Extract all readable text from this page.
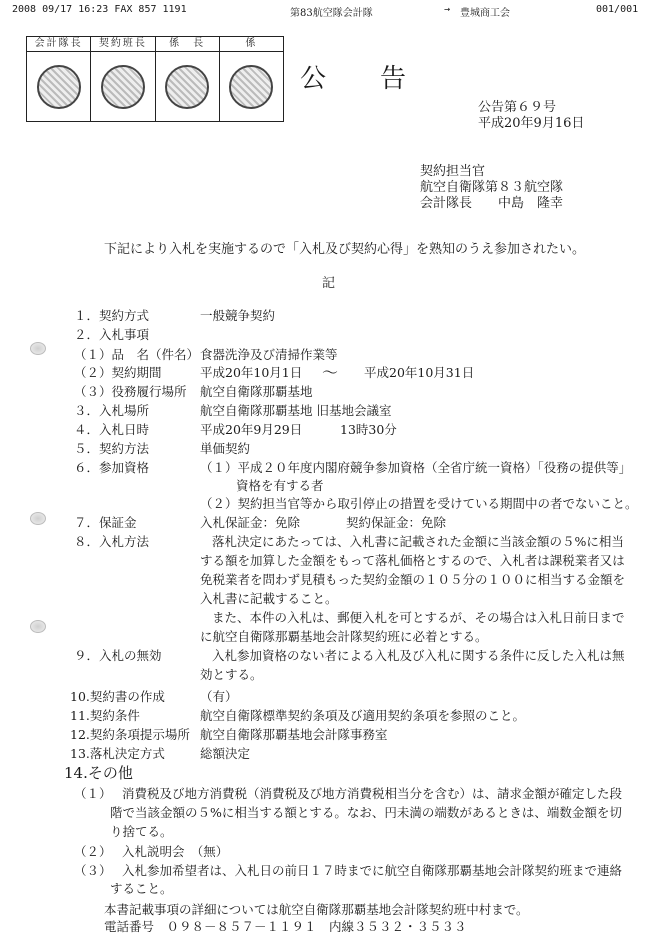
2008 09/17 16:23 FAX 857 1191	第83航空隊会計隊	→ 豊城商工会	001/001
会計隊長	契約班長	係　長	係
公　告
公告第６９号
平成20年9月16日
契約担当官
航空自衛隊第８３航空隊
会計隊長　　中島　隆幸
下記により入札を実施するので「入札及び契約心得」を熟知のうえ参加されたい。
記
１．契約方式	一般競争契約
２．入札事項
（１）品　名（件名） 食器洗浄及び清掃作業等
（２）契約期間	平成20年10月1日 ～ 平成20年10月31日
（３）役務履行場所 航空自衛隊那覇基地
３．入札場所	航空自衛隊那覇基地 旧基地会議室
４．入札日時	平成20年9月29日	13時30分
５．契約方法	単価契約
６．参加資格	（１）平成２０年度内閣府競争参加資格（全省庁統一資格）「役務の提供等」
資格を有する者
（２）契約担当官等から取引停止の措置を受けている期間中の者でないこと。
７．保証金	入札保証金：免除	契約保証金：免除
８．入札方法	落札決定にあたっては、入札書に記載された金額に当該金額の５%に相当
する額を加算した金額をもって落札価格とするので、入札者は課税業者又は
免税業者を問わず見積もった契約金額の１０５分の１００に相当する金額を
入札書に記載すること。
また、本件の入札は、郵便入札を可とするが、その場合は入札日前日まで
に航空自衛隊那覇基地会計隊契約班に必着とする。
９．入札の無効	入札参加資格のない者による入札及び入札に関する条件に反した入札は無
効とする。
10.契約書の作成	（有）
11.契約条件	航空自衛隊標準契約条項及び適用契約条項を参照のこと。
12.契約条項提示場所 航空自衛隊那覇基地会計隊事務室
13.落札決定方式	総額決定
14.その他
（１） 消費税及び地方消費税（消費税及び地方消費税相当分を含む）は、請求金額が確定した段
階で当該金額の５%に相当する額とする。なお、円未満の端数があるときは、端数金額を切
り捨てる。
（２） 入札説明会　（無）
（３） 入札参加希望者は、入札日の前日１７時までに航空自衛隊那覇基地会計隊契約班まで連絡
すること。
本書記載事項の詳細については航空自衛隊那覇基地会計隊契約班中村まで。
電話番号　０９８－８５７－１１９１　内線３５３２・３５３３
